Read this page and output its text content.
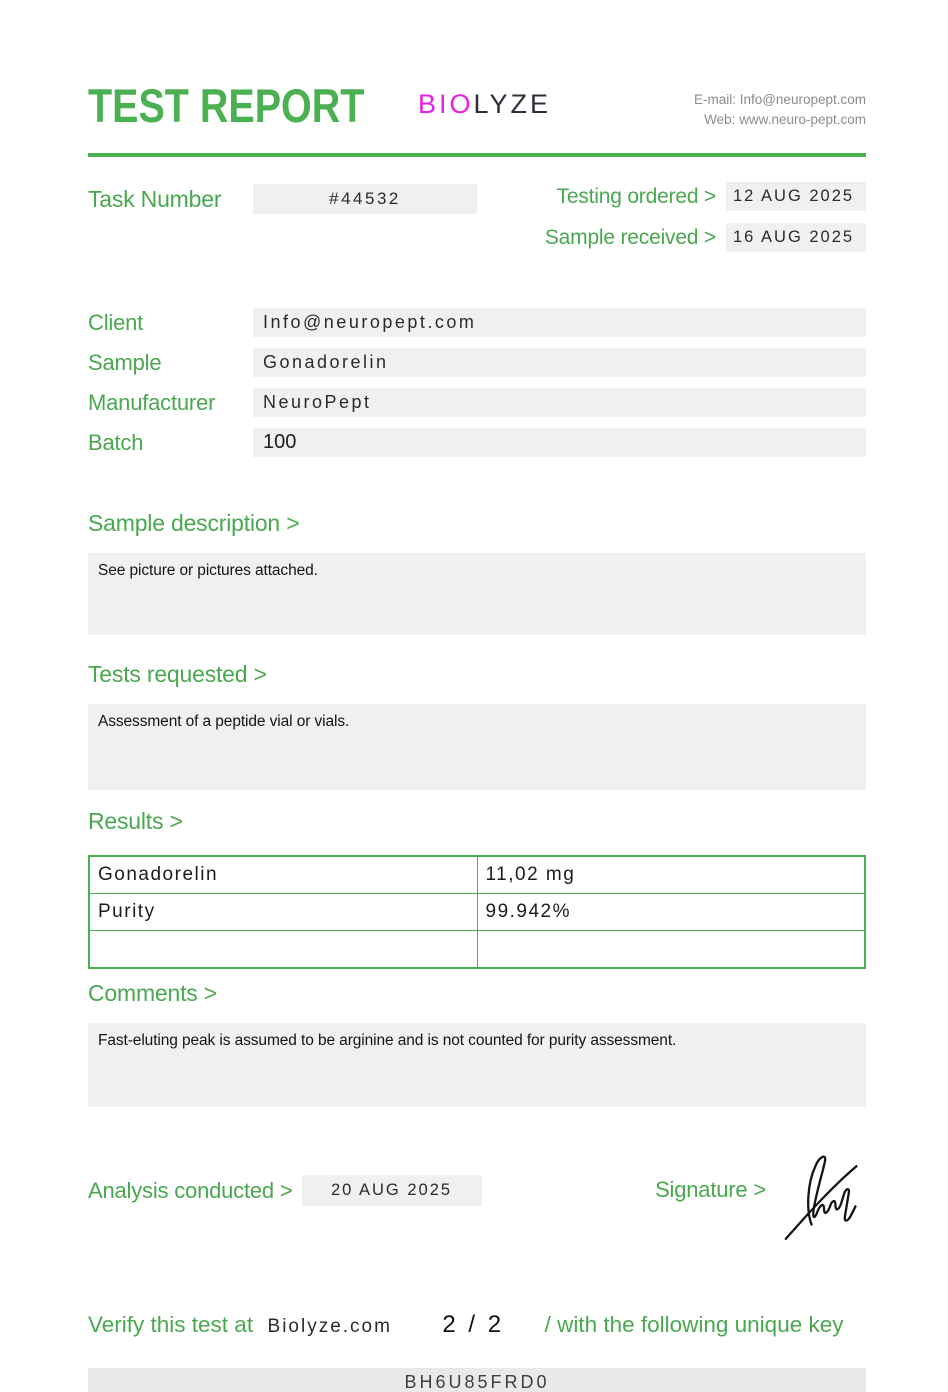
TEST REPORT BIOLYZE	E-mail: Info@neuropept.com
Web: www.neuro-pept.com
Task Number	#44532	Testing ordered >	12 AUG 2025
Sample received >	16 AUG 2025
Client	Info@neuropept.com
Sample	Gonadorelin
Manufacturer	NeuroPept
Batch	100
Sample description >
See picture or pictures attached.
Tests requested >
Assessment of a peptide vial or vials.
Results >
Gonadorelin	11,02 mg
Purity	99.942%

Comments >
Fast-eluting peak is assumed to be arginine and is not counted for purity assessment.
Analysis conducted >	20 AUG 2025	Signature >
Verify this test at Biolyze.com 2 / 2 / with the following unique key
BH6U85FRD0
